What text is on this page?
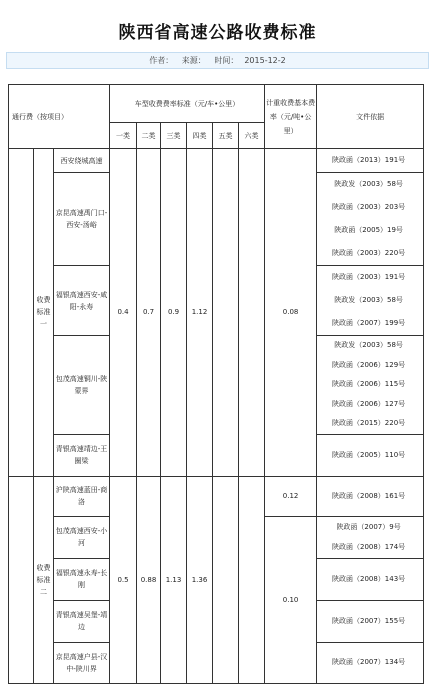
陕西省高速公路收费标准
作者： 来源： 时间： 2015-12-2
通行费（按项目）			车型收费费率标准（元/车•公里）						计重收费基本费率（元/吨•公里）	文件依据
			一类	二类	三类	四类	五类	六类		
	收费标准一	西安绕城高速	0.4	0.7	0.9	1.12			0.08	陕政函（2013）191号

		京昆高速禹门口-西安-汤峪								陕政发（2003）58号
陕政函（2003）203号
陕政函（2005）19号
陕政函（2003）220号

		福银高速西安-咸阳-永寿								陕政函（2003）191号
陕政发（2003）58号
陕政函（2007）199号

		包茂高速铜川-陕蒙界								陕政发（2003）58号
陕政函（2006）129号
陕政函（2006）115号
陕政函（2006）127号
陕政函（2015）220号

		青银高速靖边-王圈梁								陕政函（2005）110号

	收费标准二	沪陕高速蓝田-商洛	0.5	0.88	1.13	1.36			0.12	陕政函（2008）161号

		包茂高速西安-小河							0.10	陕政函（2007）9号
陕政函（2008）174号

		福银高速永寿-长刚								陕政函（2008）143号

		青银高速吴堡-靖边								陕政函（2007）155号

		京昆高速户县-汉中-陕川界								陕政函（2007）134号
